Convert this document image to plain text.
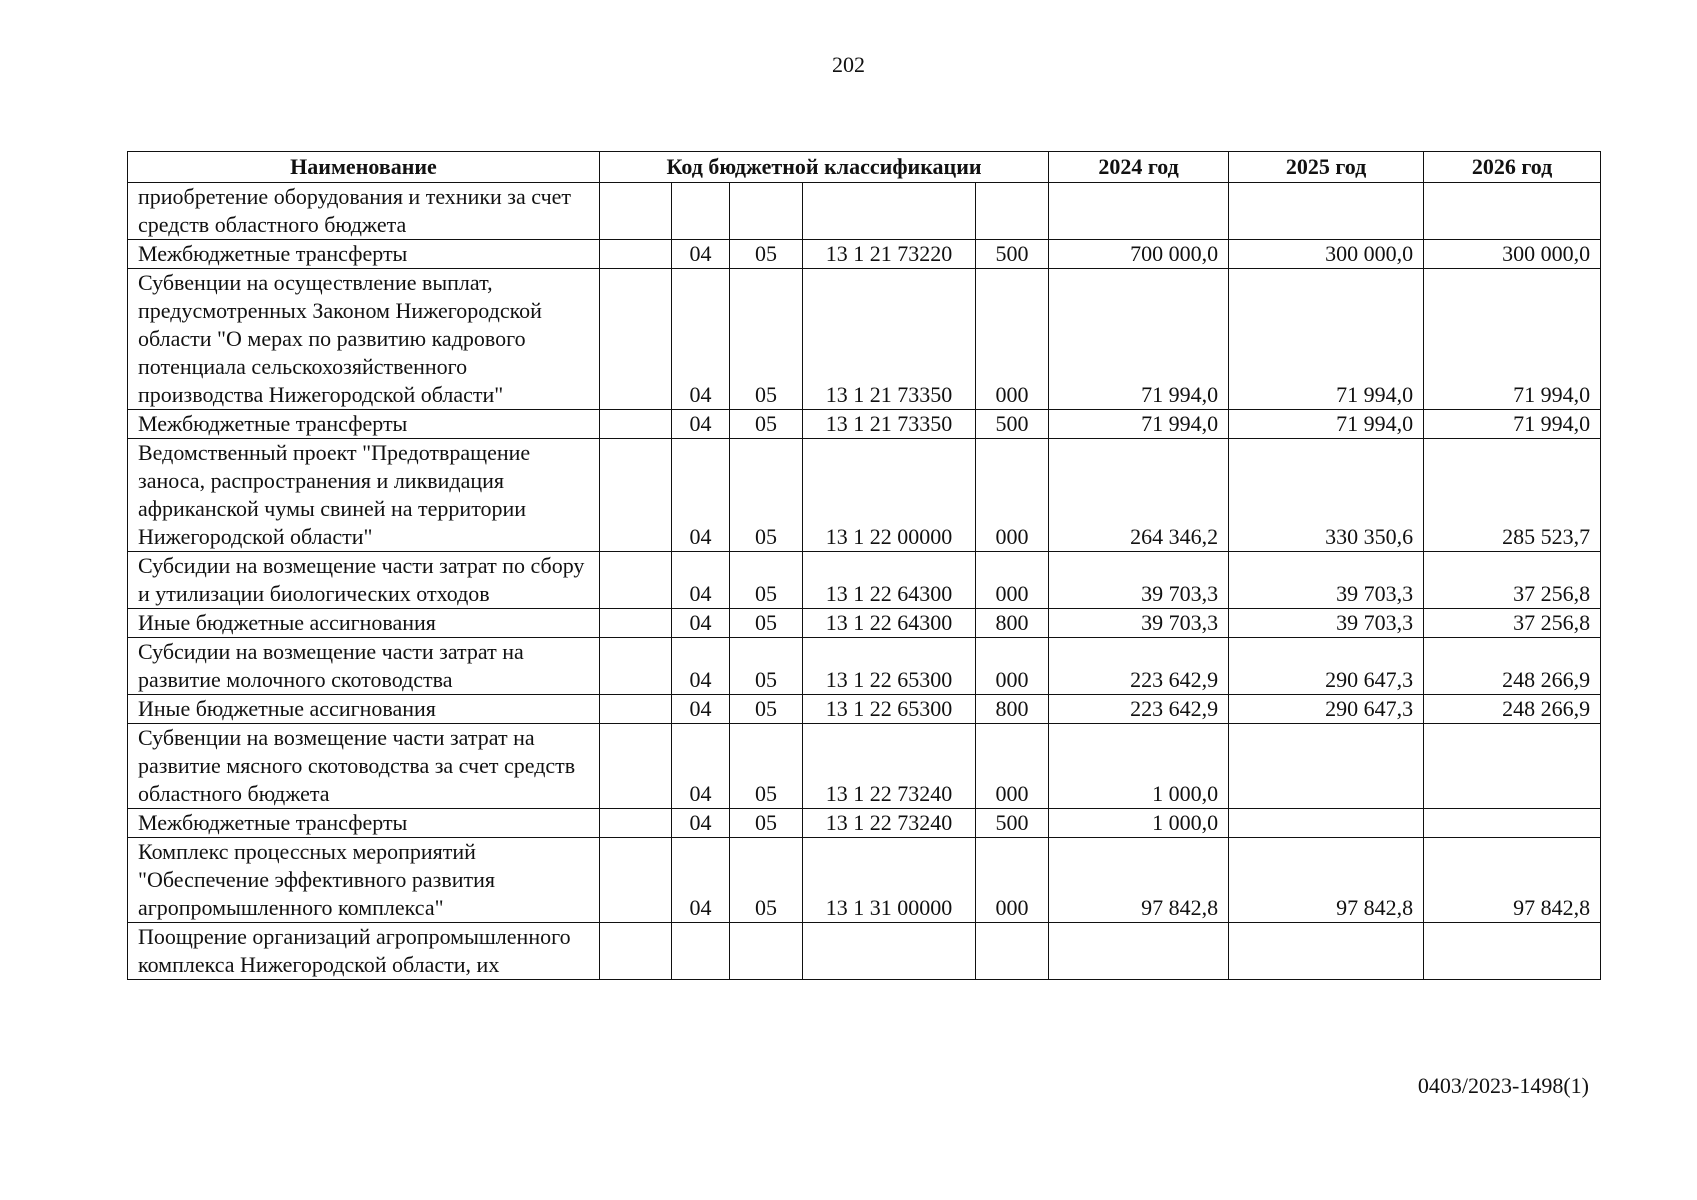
202
Наименование	Код бюджетной классификации					2024 год	2025 год	2026 год
приобретение оборудования и техники за счет средств областного бюджета								
Межбюджетные трансферты		04	05	13 1 21 73220	500	700 000,0	300 000,0	300 000,0
Субвенции на осуществление выплат, предусмотренных Законом Нижегородской области "О мерах по развитию кадрового потенциала сельскохозяйственного производства Нижегородской области"		04	05	13 1 21 73350	000	71 994,0	71 994,0	71 994,0
Межбюджетные трансферты		04	05	13 1 21 73350	500	71 994,0	71 994,0	71 994,0
Ведомственный проект "Предотвращение заноса, распространения и ликвидация африканской чумы свиней на территории Нижегородской области"		04	05	13 1 22 00000	000	264 346,2	330 350,6	285 523,7
Субсидии на возмещение части затрат по сбору и утилизации биологических отходов		04	05	13 1 22 64300	000	39 703,3	39 703,3	37 256,8
Иные бюджетные ассигнования		04	05	13 1 22 64300	800	39 703,3	39 703,3	37 256,8
Субсидии на возмещение части затрат на развитие молочного скотоводства		04	05	13 1 22 65300	000	223 642,9	290 647,3	248 266,9
Иные бюджетные ассигнования		04	05	13 1 22 65300	800	223 642,9	290 647,3	248 266,9
Субвенции на возмещение части затрат на развитие мясного скотоводства за счет средств областного бюджета		04	05	13 1 22 73240	000	1 000,0		
Межбюджетные трансферты		04	05	13 1 22 73240	500	1 000,0		
Комплекс процессных мероприятий "Обеспечение эффективного развития агропромышленного комплекса"		04	05	13 1 31 00000	000	97 842,8	97 842,8	97 842,8
Поощрение организаций агропромышленного комплекса Нижегородской области, их								
0403/2023-1498(1)
